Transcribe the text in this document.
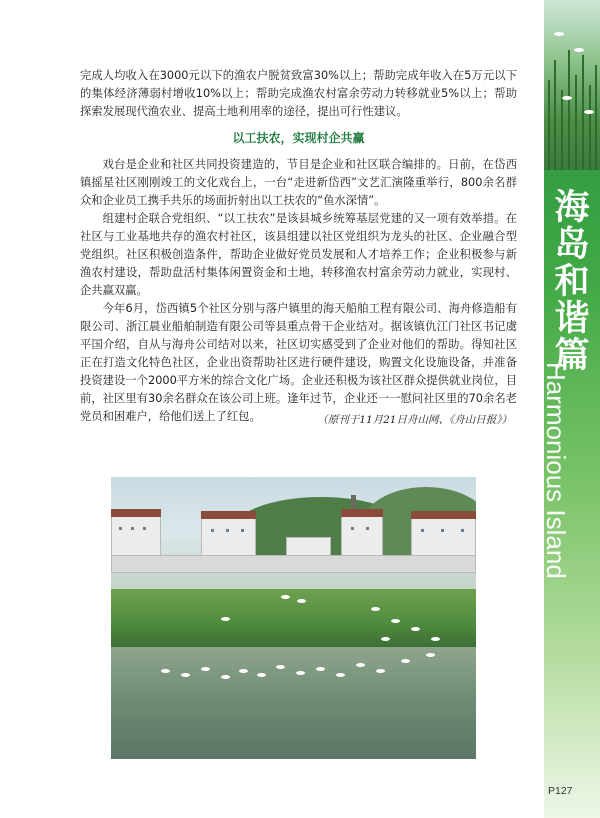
海岛和谐篇
Harmonious Island

完成人均收入在3000元以下的渔农户脱贫致富30%以上；帮助完成年收入在5万元以下的集体经济薄弱村增收10%以上；帮助完成渔农村富余劳动力转移就业5%以上；帮助探索发展现代渔农业、提高土地利用率的途径，提出可行性建议。

以工扶农，实现村企共赢

戏台是企业和社区共同投资建造的，节目是企业和社区联合编排的。日前，在岱西镇摇星社区刚刚竣工的文化戏台上，一台“走进新岱西”文艺汇演隆重举行，800余名群众和企业员工携手共乐的场面折射出以工扶农的“鱼水深情”。

组建村企联合党组织、“以工扶农”是该县城乡统筹基层党建的又一项有效举措。在社区与工业基地共存的渔农村社区，该县组建以社区党组织为龙头的社区、企业融合型党组织。社区积极创造条件，帮助企业做好党员发展和人才培养工作；企业积极参与新渔农村建设，帮助盘活村集体闲置资金和土地，转移渔农村富余劳动力就业，实现村、企共赢双赢。

今年6月，岱西镇5个社区分别与落户镇里的海天船舶工程有限公司、海舟修造船有限公司、浙江晨业船舶制造有限公司等县重点骨干企业结对。据该镇仇江门社区书记虞平国介绍，自从与海舟公司结对以来，社区切实感受到了企业对他们的帮助。得知社区正在打造文化特色社区，企业出资帮助社区进行硬件建设，购置文化设施设备，并准备投资建设一个2000平方米的综合文化广场。企业还积极为该社区群众提供就业岗位，目前，社区里有30余名群众在该公司上班。逢年过节，企业还一一慰问社区里的70余名老党员和困难户，给他们送上了红包。	（原刊于11月21日舟山网、《舟山日报》）
P127
